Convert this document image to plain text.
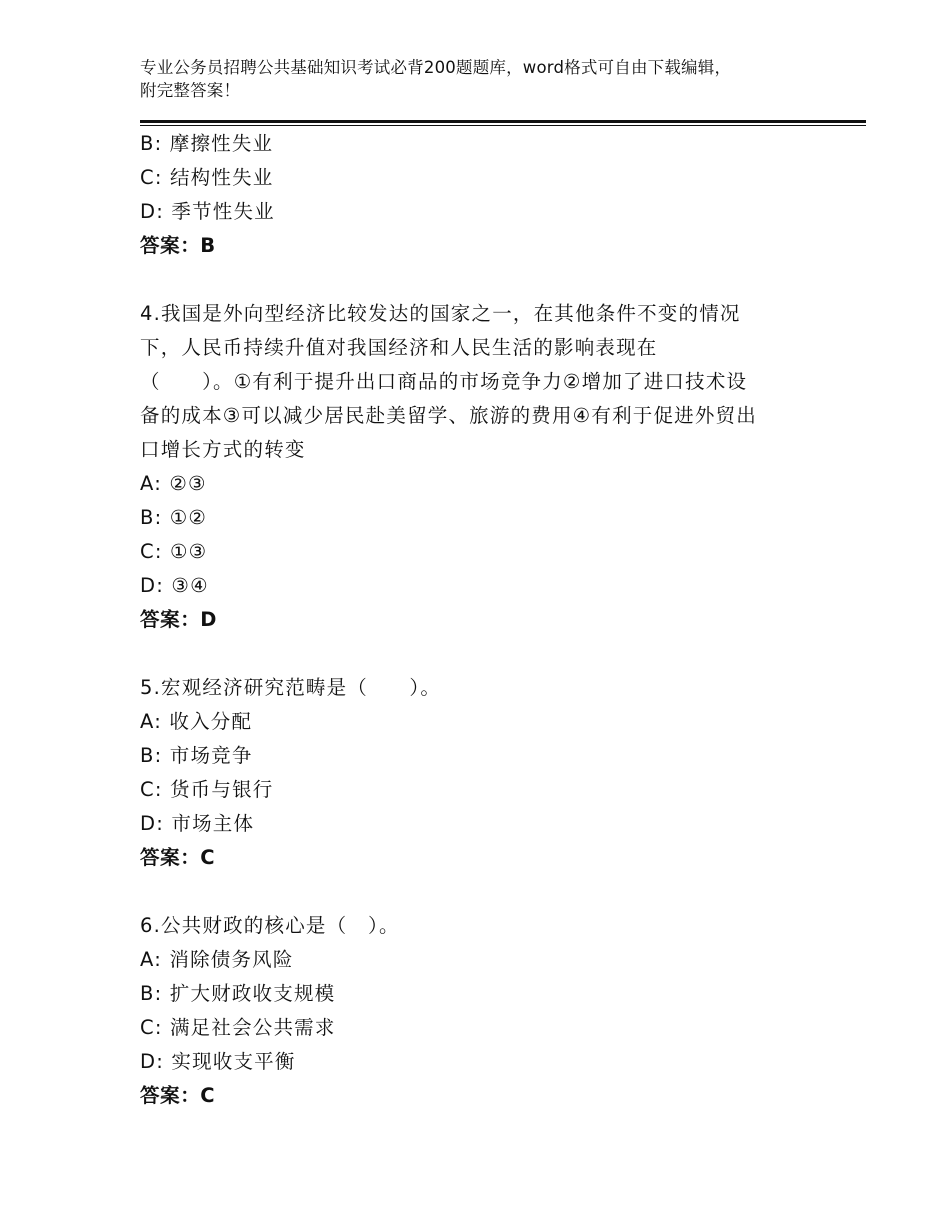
专业公务员招聘公共基础知识考试必背200题题库，word格式可自由下载编辑，
附完整答案！
B: 摩擦性失业
C: 结构性失业
D: 季节性失业
答案：B
4.我国是外向型经济比较发达的国家之一，在其他条件不变的情况
下，人民币持续升值对我国经济和人民生活的影响表现在
（　　）。①有利于提升出口商品的市场竞争力②增加了进口技术设
备的成本③可以减少居民赴美留学、旅游的费用④有利于促进外贸出
口增长方式的转变
A: ②③
B: ①②
C: ①③
D: ③④
答案：D
5.宏观经济研究范畴是（　　）。
A: 收入分配
B: 市场竞争
C: 货币与银行
D: 市场主体
答案：C
6.公共财政的核心是（　）。
A: 消除债务风险
B: 扩大财政收支规模
C: 满足社会公共需求
D: 实现收支平衡
答案：C
